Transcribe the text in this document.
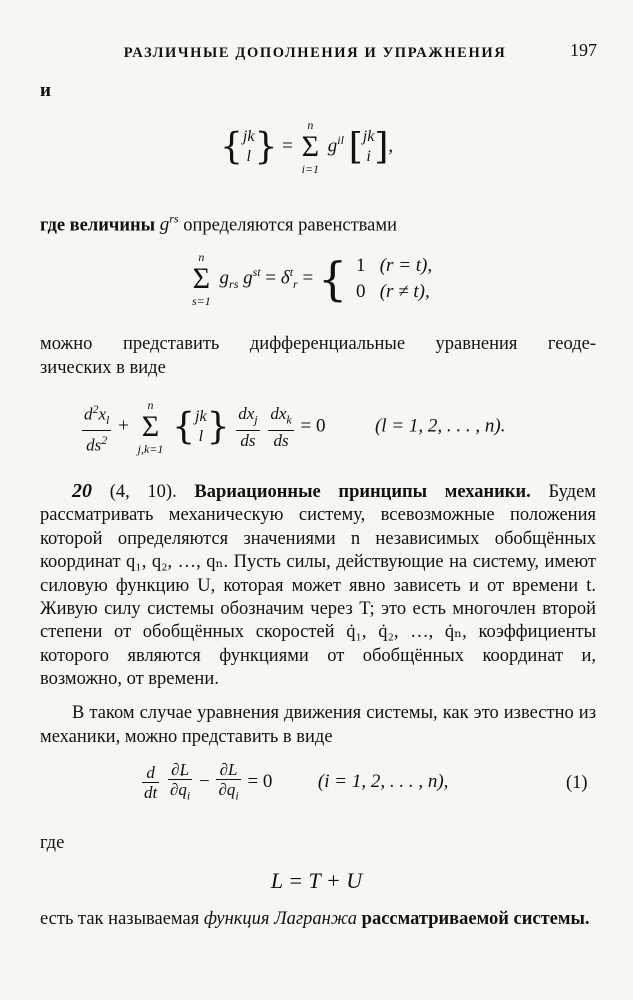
РАЗЛИЧНЫЕ ДОПОЛНЕНИЯ И УПРАЖНЕНИЯ	197
и
{ jk
l } =
n
Σ
i=1
$g^{il}$ [ jk
i ],
где величины $g^{rs}$ определяются равенствами
n
Σ
s=1
$g_{rs}$ $g^{st} = \delta^t_r$ = { 1 (r = t),
0 (r ≠ t),
можно представить дифференциальные уравнения геоде-
зических в виде
$\frac{d^2x_l}{ds^2}$ +
n
Σ
j,k=1
{ jk
l } $\frac{dx_j}{ds}$
$\frac{dx_k}{ds} = 0$	(l = 1, 2, . . . , n).
20 (4, 10). Вариационные принципы механики. Будем рассматривать механическую систему, всевозможные положения которой определяются значениями n независимых обобщённых координат q₁, q₂, …, qₙ. Пусть силы, действующие на систему, имеют силовую функцию U, которая может явно зависеть и от времени t. Живую силу системы обозначим через T; это есть многочлен второй степени от обобщённых скоростей q̇₁, q̇₂, …, q̇ₙ, коэффициенты которого являются функциями от обобщённых координат и, возможно, от времени.
В таком случае уравнения движения системы, как это известно из механики, можно представить в виде
$\frac{d}{dt}$
$\frac{\partial L}{\partial• q_i} - \frac{\partial L}{\partial q_i} = 0$ (i = 1, 2, . . . , n),	(1)
где
L = T + U
есть так называемая функция Лагранжа рассматриваемой системы.
